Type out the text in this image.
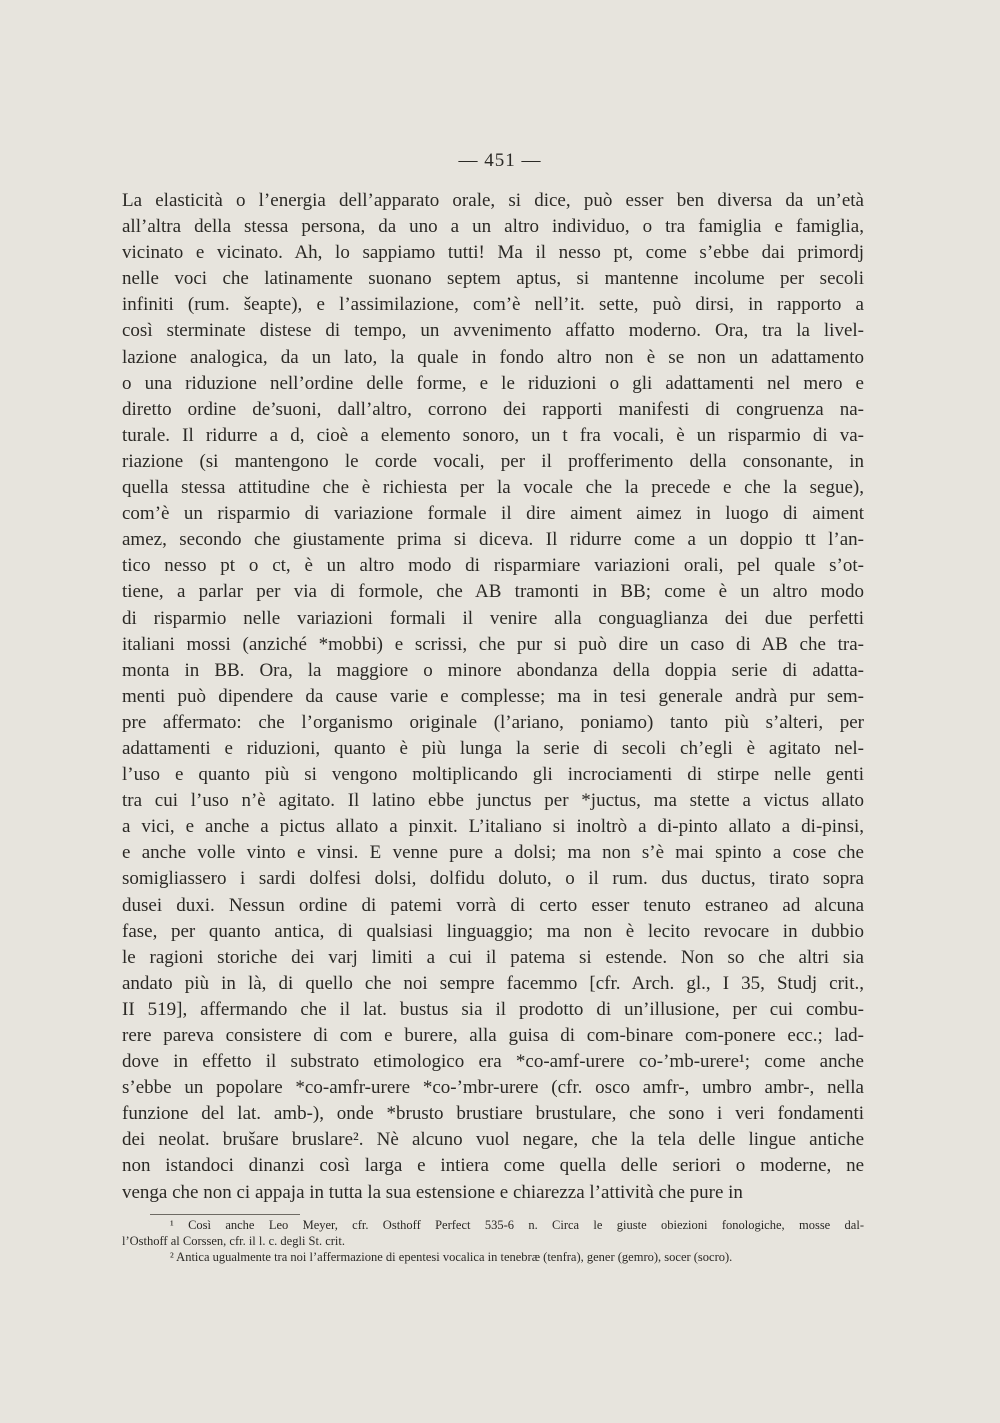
— 451 —
La elasticità o l’energia dell’apparato orale, si dice, può esser ben diversa da un’età
all’altra della stessa persona, da uno a un altro individuo, o tra famiglia e famiglia,
vicinato e vicinato. Ah, lo sappiamo tutti! Ma il nesso pt, come s’ebbe dai primordj
nelle voci che latinamente suonano septem aptus, si mantenne incolume per secoli
infiniti (rum. šeapte), e l’assimilazione, com’è nell’it. sette, può dirsi, in rapporto a
così sterminate distese di tempo, un avvenimento affatto moderno. Ora, tra la livel-
lazione analogica, da un lato, la quale in fondo altro non è se non un adattamento
o una riduzione nell’ordine delle forme, e le riduzioni o gli adattamenti nel mero e
diretto ordine de’suoni, dall’altro, corrono dei rapporti manifesti di congruenza na-
turale. Il ridurre a d, cioè a elemento sonoro, un t fra vocali, è un risparmio di va-
riazione (si mantengono le corde vocali, per il profferimento della consonante, in
quella stessa attitudine che è richiesta per la vocale che la precede e che la segue),
com’è un risparmio di variazione formale il dire aiment aimez in luogo di aiment
amez, secondo che giustamente prima si diceva. Il ridurre come a un doppio tt l’an-
tico nesso pt o ct, è un altro modo di risparmiare variazioni orali, pel quale s’ot-
tiene, a parlar per via di formole, che AB tramonti in BB; come è un altro modo
di risparmio nelle variazioni formali il venire alla conguaglianza dei due perfetti
italiani mossi (anziché *mobbi) e scrissi, che pur si può dire un caso di AB che tra-
monta in BB. Ora, la maggiore o minore abondanza della doppia serie di adatta-
menti può dipendere da cause varie e complesse; ma in tesi generale andrà pur sem-
pre affermato: che l’organismo originale (l’ariano, poniamo) tanto più s’alteri, per
adattamenti e riduzioni, quanto è più lunga la serie di secoli ch’egli è agitato nel-
l’uso e quanto più si vengono moltiplicando gli incrociamenti di stirpe nelle genti
tra cui l’uso n’è agitato. Il latino ebbe junctus per *juctus, ma stette a victus allato
a vici, e anche a pictus allato a pinxit. L’italiano si inoltrò a di-pinto allato a di-pinsi,
e anche volle vinto e vinsi. E venne pure a dolsi; ma non s’è mai spinto a cose che
somigliassero i sardi dolfesi dolsi, dolfidu doluto, o il rum. dus ductus, tirato sopra
dusei duxi. Nessun ordine di patemi vorrà di certo esser tenuto estraneo ad alcuna
fase, per quanto antica, di qualsiasi linguaggio; ma non è lecito revocare in dubbio
le ragioni storiche dei varj limiti a cui il patema si estende. Non so che altri sia
andato più in là, di quello che noi sempre facemmo [cfr. Arch. gl., I 35, Studj crit.,
II 519], affermando che il lat. bustus sia il prodotto di un’illusione, per cui combu-
rere pareva consistere di com e burere, alla guisa di com-binare com-ponere ecc.; lad-
dove in effetto il substrato etimologico era *co-amf-urere co-’mb-urere¹; come anche
s’ebbe un popolare *co-amfr-urere *co-’mbr-urere (cfr. osco amfr-, umbro ambr-, nella
funzione del lat. amb-), onde *brusto brustiare brustulare, che sono i veri fondamenti
dei neolat. brušare bruslare². Nè alcuno vuol negare, che la tela delle lingue antiche
non istandoci dinanzi così larga e intiera come quella delle seriori o moderne, ne
venga che non ci appaja in tutta la sua estensione e chiarezza l’attività che pure in
¹ Così anche Leo Meyer, cfr. Osthoff Perfect 535-6 n. Circa le giuste obiezioni fonologiche, mosse dal-
l’Osthoff al Corssen, cfr. il l. c. degli St. crit.
² Antica ugualmente tra noi l’affermazione di epentesi vocalica in tenebræ (tenfra), gener (gemro), socer (socro).
